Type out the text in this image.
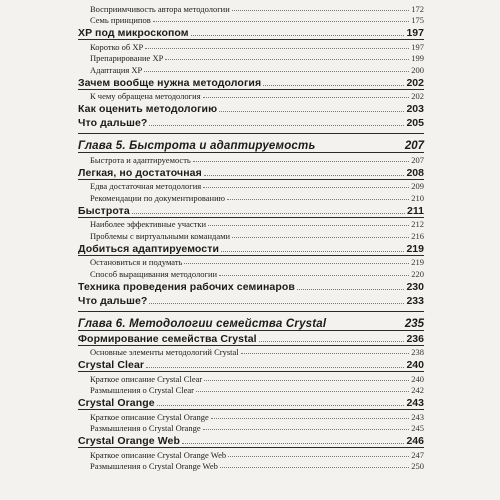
Восприимчивость автора методологии	172
Семь принципов	175
XP под микроскопом	197
Коротко об XP	197
Препарирование XP	199
Адаптация XP	200
Зачем вообще нужна методология	202
К чему обращена методология	202
Как оценить методологию	203
Что дальше?	205
Глава 5. Быстрота и адаптируемость	207
Быстрота и адаптируемость	207
Легкая, но достаточная	208
Едва достаточная методология	209
Рекомендации по документированию	210
Быстрота	211
Наиболее эффективные участки	212
Проблемы с виртуальными командами	216
Добиться адаптируемости	219
Остановиться и подумать	219
Способ выращивания методологии	220
Техника проведения рабочих семинаров	230
Что дальше?	233
Глава 6. Методологии семейства Crystal	235
Формирование семейства Crystal	236
Основные элементы методологий Crystal	238
Crystal Clear	240
Краткое описание Crystal Clear	240
Размышления о Crystal Clear	242
Crystal Orange	243
Краткое описание Crystal Orange	243
Размышления о Crystal Orange	245
Crystal Orange Web	246
Краткое описание Crystal Orange Web	247
Размышления о Crystal Orange Web	250
